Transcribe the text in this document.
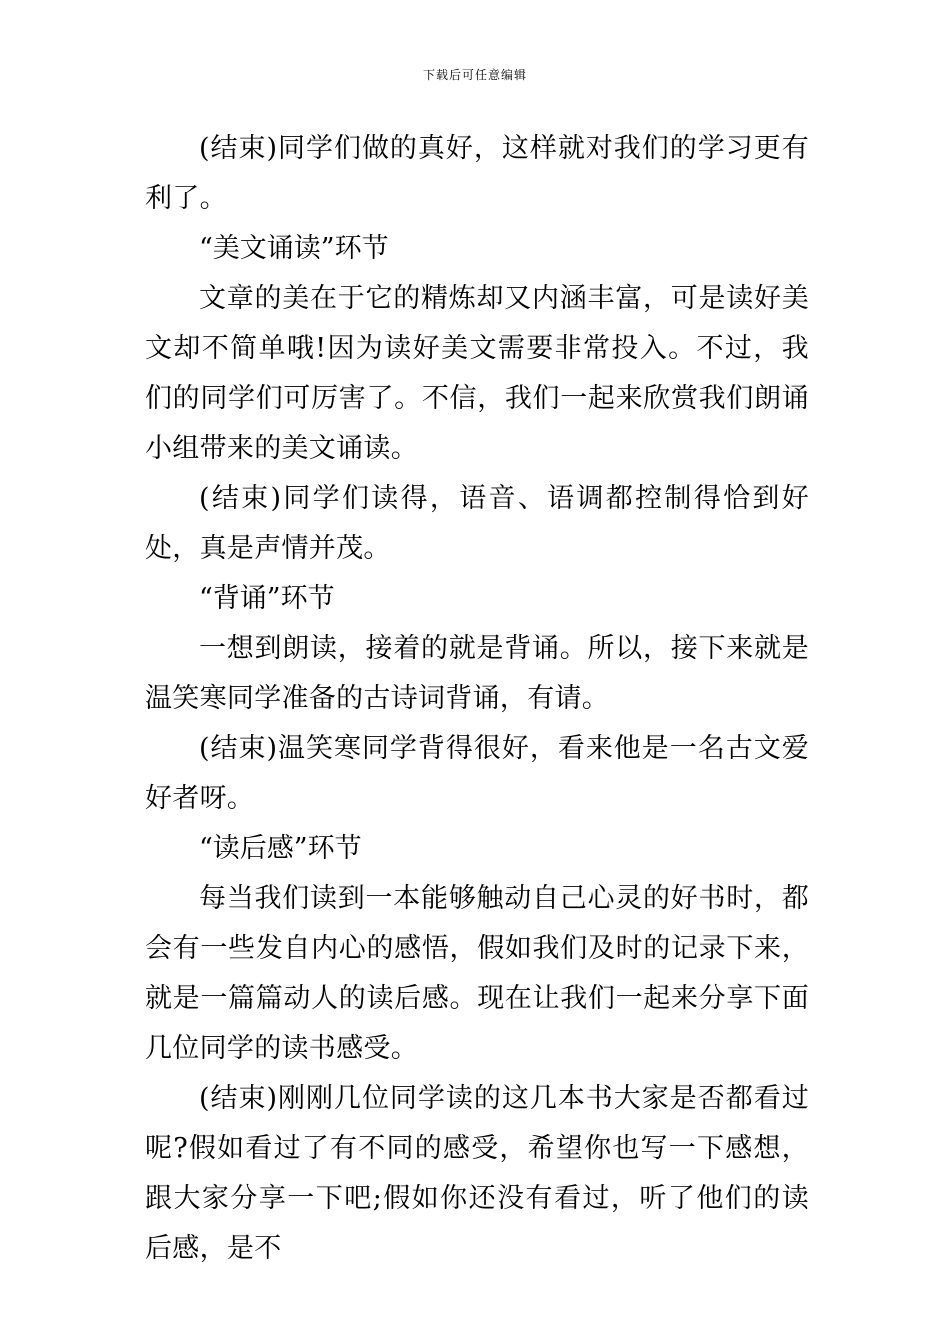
下载后可任意编辑

(结束)同学们做的真好，这样就对我们的学习更有利了。

“美文诵读”环节

文章的美在于它的精炼却又内涵丰富，可是读好美文却不简单哦!因为读好美文需要非常投入。不过，我们的同学们可厉害了。不信，我们一起来欣赏我们朗诵小组带来的美文诵读。

(结束)同学们读得，语音、语调都控制得恰到好处，真是声情并茂。

“背诵”环节

一想到朗读，接着的就是背诵。所以，接下来就是温笑寒同学准备的古诗词背诵，有请。

(结束)温笑寒同学背得很好，看来他是一名古文爱好者呀。

“读后感”环节

每当我们读到一本能够触动自己心灵的好书时，都会有一些发自内心的感悟，假如我们及时的记录下来，就是一篇篇动人的读后感。现在让我们一起来分享下面几位同学的读书感受。

(结束)刚刚几位同学读的这几本书大家是否都看过呢?假如看过了有不同的感受，希望你也写一下感想，跟大家分享一下吧;假如你还没有看过，听了他们的读后感，是不
